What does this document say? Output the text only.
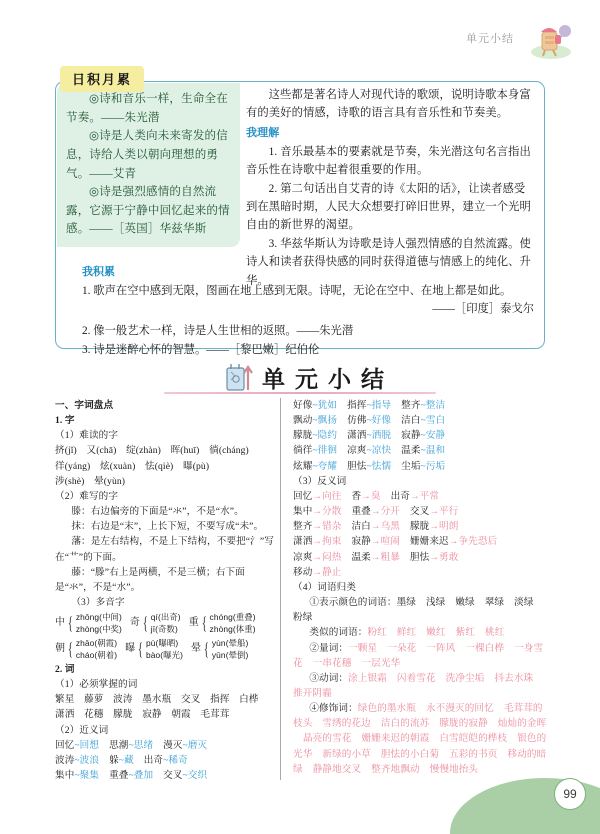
单元小结
日积月累

◎诗和音乐一样，生命全在节奏。——朱光潜

◎诗是人类向未来寄发的信息，诗给人类以朝向理想的勇气。——艾青

◎诗是强烈感情的自然流露，它源于宁静中回忆起来的情感。——［英国］华兹华斯

这些都是著名诗人对现代诗的歌颂，说明诗歌本身富有的美好的情感，诗歌的语言具有音乐性和节奏美。

我理解

1. 音乐最基本的要素就是节奏，朱光潜这句名言指出音乐性在诗歌中起着很重要的作用。

2. 第二句话出自艾青的诗《太阳的话》，让读者感受到在黑暗时期，人民大众想要打碎旧世界，建立一个光明自由的新世界的渴望。

3. 华兹华斯认为诗歌是诗人强烈情感的自然流露。使诗人和读者获得快感的同时获得道德与情感上的纯化、升华。

我积累

1. 歌声在空中感到无限，图画在地上感到无限。诗呢，无论在空中、在地上都是如此。

——［印度］泰戈尔

2. 像一般艺术一样，诗是人生世相的返照。——朱光潜

3. 诗是迷醉心怀的智慧。——［黎巴嫩］纪伯伦

单元小结

一、字词盘点

1. 字

（1）难读的字

挤(jǐ)　又(chā)　绽(zhàn)　晖(huī)　徜(cháng)

徉(yáng)　炫(xuàn)　怯(qiè)　曝(pù)

涉(shè)　晕(yùn)

（2）难写的字

滕：右边偏旁的下面是“氺”，不是“水”。

抹：右边是“末”，上长下短，不要写成“未”。

藩：是左右结构，不是上下结构，不要把“氵”写在“艹”的下面。

藤：“滕”右上是两横，不是三横；右下面是“氺”，不是“水”。

（3）多音字

中 { zhōng(中间)
zhòng(中奖)
奇 { qí(出奇)
jī(奇数)
重 { chóng(重叠)
zhòng(体重)
朝 { zhāo(朝霞)
cháo(朝着)
曝 { pù(曝晒)
bào(曝光)
晕 { yùn(晕船)
yūn(晕倒)

2. 词

（1）必须掌握的词

繁星　藤萝　波涛　墨水瓶　交叉　指挥　白桦

潇洒　花穗　朦胧　寂静　朝霞　毛茸茸

（2）近义词

回忆~回想 思潮~思绪 漫灭~磨灭

波涛~波浪 躲~藏 出奇~稀奇

集中~聚集 重叠~叠加 交叉~交织

好像~犹如 指挥~指导 整齐~整洁

飘动~飘扬 仿佛~好像 洁白~雪白

朦胧~隐约 潇洒~洒脱 寂静~安静

徜徉~徘徊 凉爽~凉快 温柔~温和

炫耀~夸耀 胆怯~怯懦 尘垢~污垢

（3）反义词

回忆→向往 香→臭 出奇→平常

集中→分散 重叠→分开 交叉→平行

整齐→错杂 洁白→乌黑 朦胧→明朗

潇洒→拘束 寂静→喧闹 姗姗来迟→争先恐后

凉爽→闷热 温柔→粗暴 胆怯→勇敢

移动→静止

（4）词语归类

①表示颜色的词语：墨绿 浅绿 嫩绿 翠绿 淡绿粉绿

类似的词语：粉红 鲜红 嫩红 紫红 桃红

②量词：一颗星 一朵花 一阵风 一棵白桦 一身雪花 一串花穗 一层光华

③动词：涂上银霜 闪着雪花 洗净尘垢 抖去水珠推开阴霾

④修饰词：绿色的墨水瓶 永不漫灭的回忆 毛茸茸的枝头 雪绣的花边 洁白的流苏 朦胧的寂静 灿灿的金晖晶亮的雪花 姗姗来迟的朝霞 白雪皑皑的桦枝 银色的光华 新绿的小草 胆怯的小白菊 五彩的书页 移动的暗绿 静静地交叉 整齐地飘动 慢慢地抬头

99
